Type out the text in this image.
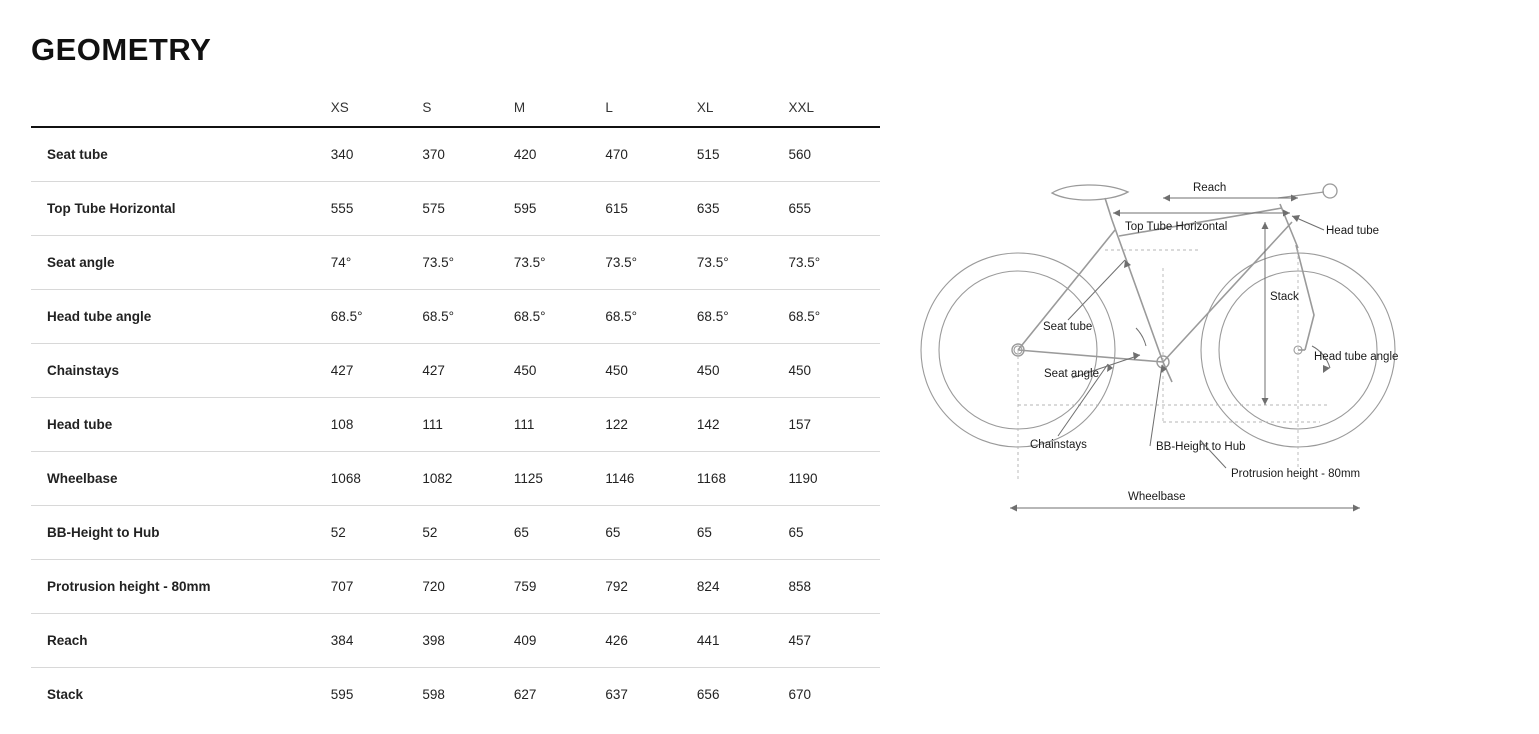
GEOMETRY
	XS	S	M	L	XL	XXL
Seat tube	340	370	420	470	515	560
Top Tube Horizontal	555	575	595	615	635	655
Seat angle	74°	73.5°	73.5°	73.5°	73.5°	73.5°
Head tube angle	68.5°	68.5°	68.5°	68.5°	68.5°	68.5°
Chainstays	427	427	450	450	450	450
Head tube	108	111	111	122	142	157
Wheelbase	1068	1082	1125	1146	1168	1190
BB-Height to Hub	52	52	65	65	65	65
Protrusion height - 80mm	707	720	759	792	824	858
Reach	384	398	409	426	441	457
Stack	595	598	627	637	656	670
Reach
Top Tube Horizontal	Head tube
Stack
Seat tube
Seat angle
Head tube angle
BB-Height to Hub
Chainstays
Protrusion height - 80mm
Wheelbase
